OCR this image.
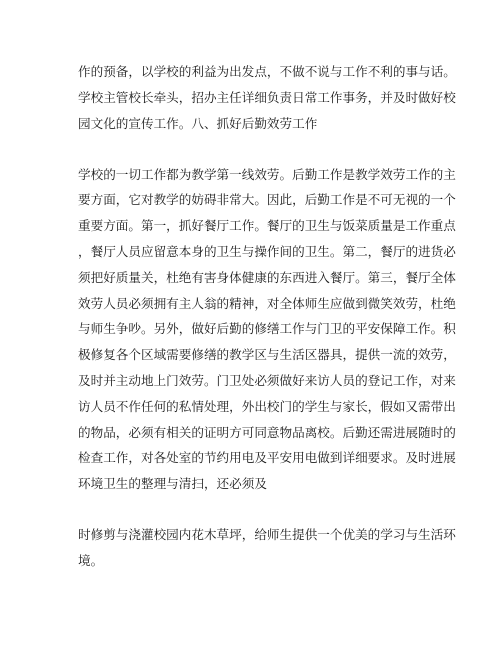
作的预备，以学校的利益为出发点，不做不说与工作不利的事与话。
学校主管校长牵头，招办主任详细负责日常工作事务，并及时做好校
园文化的宣传工作。八、抓好后勤效劳工作
学校的一切工作都为教学第一线效劳。后勤工作是教学效劳工作的主
要方面，它对教学的妨碍非常大。因此，后勤工作是不可无视的一个
重要方面。第一，抓好餐厅工作。餐厅的卫生与饭菜质量是工作重点
，餐厅人员应留意本身的卫生与操作间的卫生。第二，餐厅的进货必
须把好质量关，杜绝有害身体健康的东西进入餐厅。第三，餐厅全体
效劳人员必须拥有主人翁的精神，对全体师生应做到微笑效劳，杜绝
与师生争吵。另外，做好后勤的修缮工作与门卫的平安保障工作。积
极修复各个区域需要修缮的教学区与生活区器具，提供一流的效劳，
及时并主动地上门效劳。门卫处必须做好来访人员的登记工作，对来
访人员不作任何的私情处理，外出校门的学生与家长，假如又需带出
的物品，必须有相关的证明方可同意物品离校。后勤还需进展随时的
检查工作，对各处室的节约用电及平安用电做到详细要求。及时进展
环境卫生的整理与清扫，还必须及
时修剪与浇灌校园内花木草坪，给师生提供一个优美的学习与生活环
境。
